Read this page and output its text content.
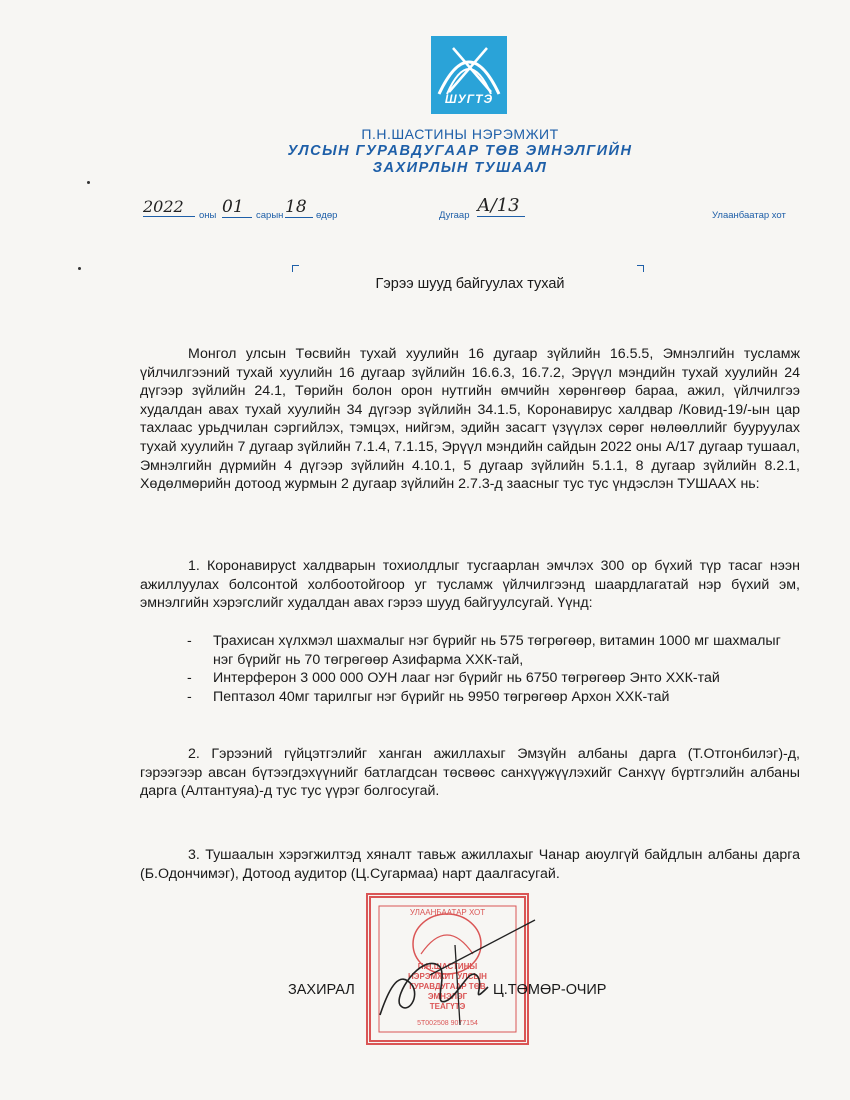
ШУГТЭ
П.Н.ШАСТИНЫ НЭРЭМЖИТ
УЛСЫН ГУРАВДУГААР ТӨВ ЭМНЭЛГИЙН
ЗАХИРЛЫН ТУШААЛ
2022	оны 01	сарын 18 өдөр	Дугаар А/13	Улаанбаатар хот
Гэрээ шууд байгуулах тухай
Монгол улсын Төсвийн тухай хуулийн 16 дугаар зүйлийн 16.5.5, Эмнэлгийн тусламж үйлчилгээний тухай хуулийн 16 дугаар зүйлийн 16.6.3, 16.7.2, Эрүүл мэндийн тухай хуулийн 24 дүгээр зүйлийн 24.1, Төрийн болон орон нутгийн өмчийн хөрөнгөөр бараа, ажил, үйлчилгээ худалдан авах тухай хуулийн 34 дүгээр зүйлийн 34.1.5, Коронавирус халдвар /Ковид-19/-ын цар тахлаас урьдчилан сэргийлэх, тэмцэх, нийгэм, эдийн засагт үзүүлэх сөрөг нөлөөллийг бууруулах тухай хуулийн 7 дугаар зүйлийн 7.1.4, 7.1.15, Эрүүл мэндийн сайдын 2022 оны А/17 дугаар тушаал, Эмнэлгийн дүрмийн 4 дүгээр зүйлийн 4.10.1, 5 дугаар зүйлийн 5.1.1, 8 дугаар зүйлийн 8.2.1, Хөдөлмөрийн дотоод журмын 2 дугаар зүйлийн 2.7.3-д заасныг тус тус үндэслэн ТУШААХ нь:
1. Коронавирусt халдварын тохиолдлыг тусгаарлан эмчлэх 300 ор бүхий түр тасаг нээн ажиллуулах болсонтой холбоотойгоор уг тусламж үйлчилгээнд шаардлагатай нэр бүхий эм, эмнэлгийн хэрэгслийг худалдан авах гэрээ шууд байгуулсугай. Үүнд:
-	Трахисан хүлхмэл шахмалыг нэг бүрийг нь 575 төгрөгөөр, витамин 1000 мг шахмалыг нэг бүрийг нь 70 төгрөгөөр Азифарма ХХК-тай,
-	Интерферон 3 000 000 ОУН лааг нэг бүрийг нь 6750 төгрөгөөр Энто ХХК-тай
-	Пептазол 40мг тарилгыг нэг бүрийг нь 9950 төгрөгөөр Архон ХХК-тай
2. Гэрээний гүйцэтгэлийг ханган ажиллахыг Эмзүйн албаны дарга (Т.Отгонбилэг)-д, гэрээгээр авсан бүтээгдэхүүнийг батлагдсан төсвөөс санхүүжүүлэхийг Санхүү бүртгэлийн албаны дарга (Алтантуяа)-д тус тус үүрэг болгосугай.
3. Тушаалын хэрэгжилтэд хяналт тавьж ажиллахыг Чанар аюулгүй байдлын албаны дарга (Б.Одончимэг), Дотоод аудитор (Ц.Сугармаа) нарт даалгасугай.
УЛААНБААТАР ХОТ
П.Н.ШАСТИНЫ
НЭРЭМЖИТ УЛСЫН
ГУРАВДУГААР ТӨВ
ЭМНЭЛЭГ
ТЕАГҮТЭ
5T002508 9077154
ЗАХИРАЛ	Ц.ТӨМӨР-ОЧИР
